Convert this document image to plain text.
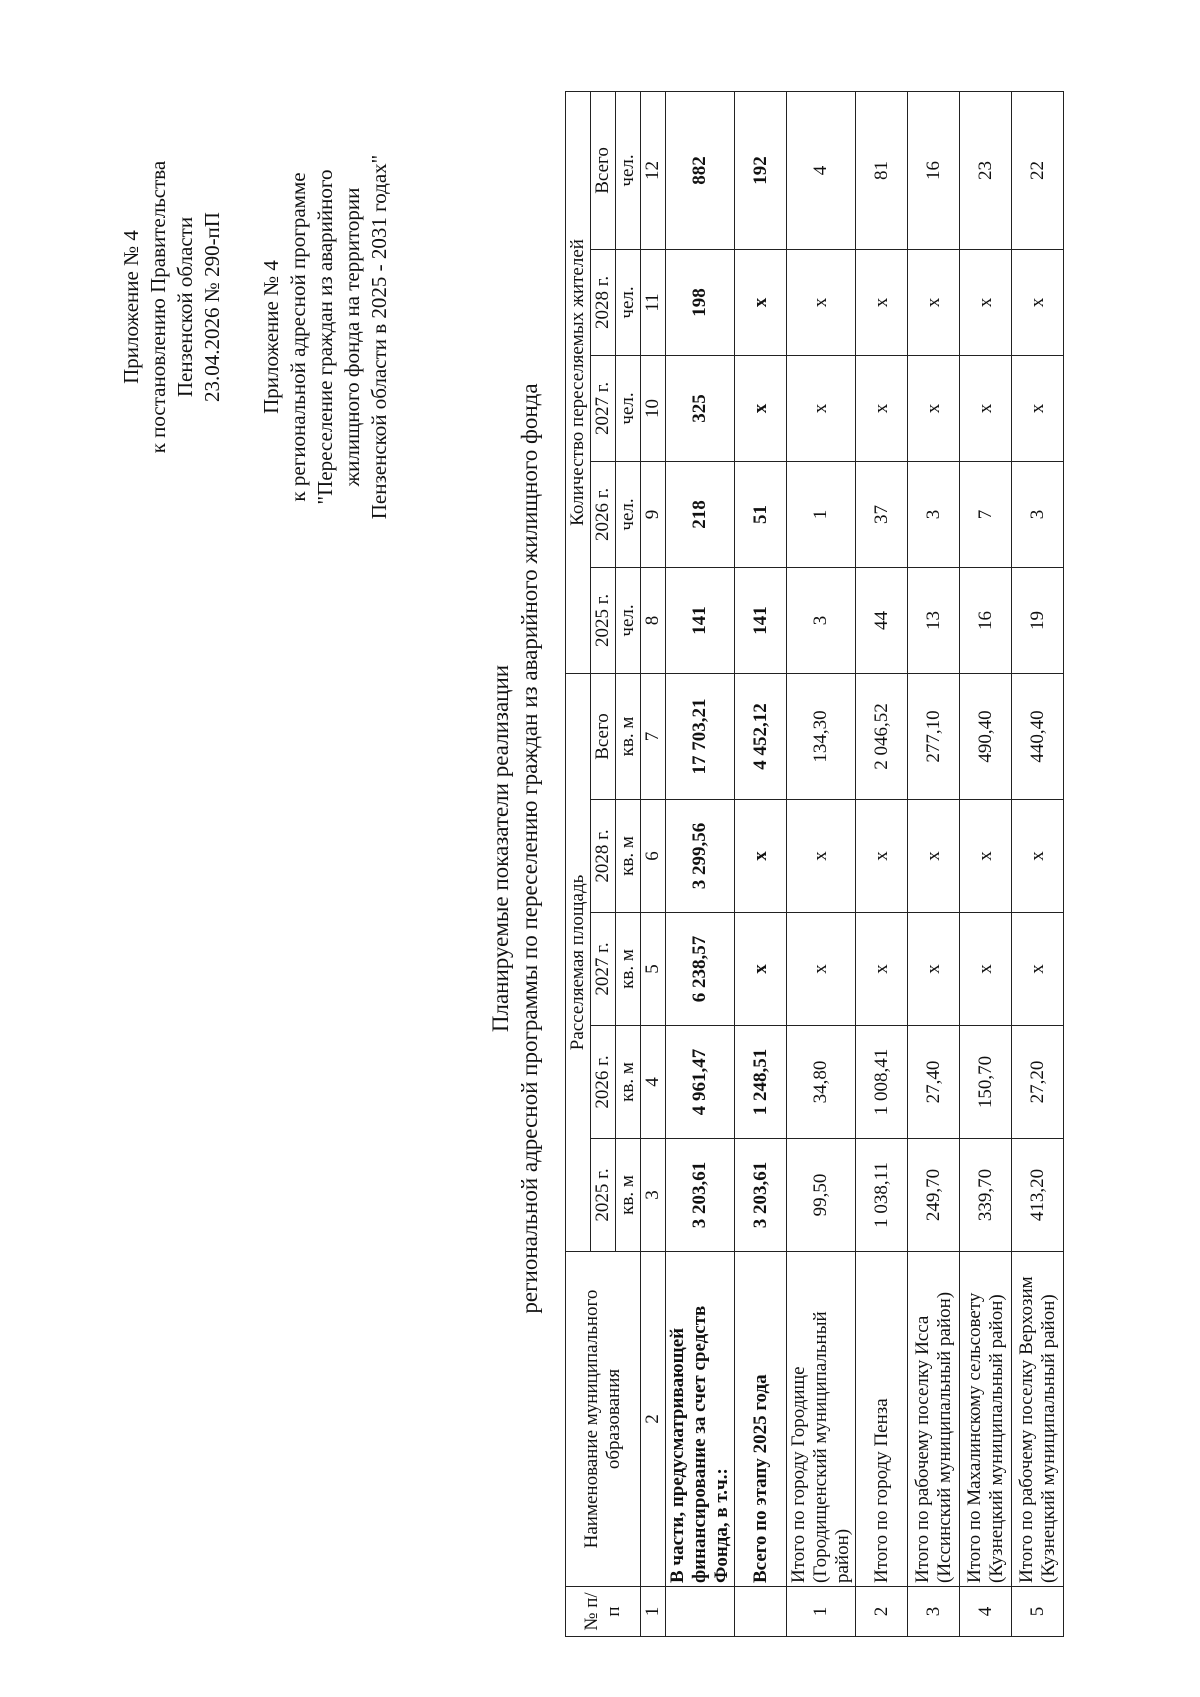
Приложение № 4 к постановлению Правительства Пензенской области 23.04.2026 № 290-пП Приложение № 4 к региональной адресной программе "Переселение граждан из аварийного жилищного фонда на территории Пензенской области в 2025 - 2031 годах"
Планируемые показатели реализации региональной адресной программы по переселению граждан из аварийного жилищного фонда
№ п/п	Наименование муниципального образования	Расселяемая площадь					Количество переселяемых жителей				
		2025 г.	2026 г.	2027 г.	2028 г.	Всего	2025 г.	2026 г.	2027 г.	2028 г.	Всего
		кв. м	кв. м	кв. м	кв. м	кв. м	чел.	чел.	чел.	чел.	чел.
1	2	3	4	5	6	7	8	9	10	11	12
	В части, предусматривающей финансирование за счет средств Фонда, в т.ч.:	3 203,61	4 961,47	6 238,57	3 299,56	17 703,21	141	218	325	198	882
	Всего по этапу 2025 года	3 203,61	1 248,51	x	x	4 452,12	141	51	x	x	192
1	Итого по городу Городище (Городищенский муниципальный район)	99,50	34,80	x	x	134,30	3	1	x	x	4
2	Итого по городу Пенза	1 038,11	1 008,41	x	x	2 046,52	44	37	x	x	81
3	Итого по рабочему поселку Исса (Иссинский муниципальный район)	249,70	27,40	x	x	277,10	13	3	x	x	16
4	Итого по Махалинскому сельсовету (Кузнецкий муниципальный район)	339,70	150,70	x	x	490,40	16	7	x	x	23
5	Итого по рабочему поселку Верхозим (Кузнецкий муниципальный район)	413,20	27,20	x	x	440,40	19	3	x	x	22
